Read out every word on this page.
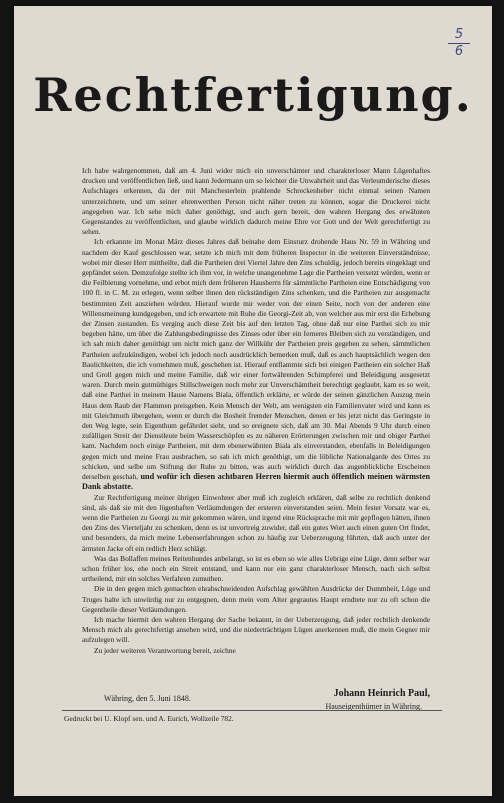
5
6
Rechtfertigung.

Ich habe wahrgenommen, daß am 4. Juni wider mich ein unverschämter und charakterloser Mann Lügenhaftes drucken und veröffentlichen ließ, und kann Jedermann um so leichter die Unwahrheit und das Verleumderische dieses Aufschlages erkennen, da der mit Manchesterlein prahlende Schreckenheber nicht einmal seinen Namen unterzeichnete, und um seiner ehrenwerthen Person nicht näher treten zu können, sogar die Druckerei nicht angegeben war. Ich sehe mich daher genöthigt, und auch gern bereit, den wahren Hergang des erwähnten Gegenstandes zu veröffentlichen, und glaube wirklich dadurch meine Ehre vor Gott und der Welt gerechtfertigt zu sehen.

Ich erkannte im Monat März dieses Jahres daß beinahe dem Einsturz drohende Haus Nr. 59 in Währing und nachdem der Kauf geschlossen war, setzte ich mich mit dem früheren Inspector in die weiteren Einverständnisse, wobei mir dieser Herr mittheilte, daß die Partheien drei Viertel Jahre den Zins schuldig, jedoch bereits eingeklagt und gepfändet seien. Demzufolge stellte ich ihm vor, in welche unangenehme Lage die Partheien versetzt würden, wenn er die Feilbietung vornehme, und erbot mich dem früheren Hausherrn für sämmtliche Partheien eine Entschädigung von 100 fl. in C. M. zu erlegen, wenn selber ihnen den rückständigen Zins schenken, und die Partheien zur ausgemacht bestimmten Zeit ausziehen würden. Hierauf wurde mir weder von der einen Seite, noch von der anderen eine Willensmeinung kundgegeben, und ich erwartete mit Ruhe die Georgi-Zeit ab, von welcher aus mir erst die Erhebung der Zinsen zustanden. Es verging auch diese Zeit bis auf den letzten Tag, ohne daß nur eine Parthei sich zu mir begeben hätte, um über die Zahlungsbedingnisse des Zinses oder über ein ferneres Bleiben sich zu verständigen, und ich sah mich daher genöthigt um nicht mich ganz der Willkühr der Partheien preis gegeben zu sehen, sämmtlichen Partheien aufzukündigen, wobei ich jedoch noch ausdrücklich bemerken muß, daß es auch hauptsächlich wegen den Baulichkeiten, die ich vornehmen muß, geschehen ist. Hierauf entflammte sich bei einigen Partheien ein solcher Haß und Groll gegen mich und meine Familie, daß wir einer fortwährenden Schimpferei und Beleidigung ausgesetzt waren. Durch mein gutmüthiges Stillschweigen noch mehr zur Unverschämtheit berechtigt geglaubt, kam es so weit, daß eine Parthei in meinem Hause Namens Biala, öffentlich erklärte, er würde der seinen gänzlichen Auszug mein Haus dem Raub der Flammen preisgeben. Kein Mensch der Welt, am wenigsten ein Familienvater wird und kann es mit Gleichmuth übergehen, wenn er durch die Bosheit fremder Menschen, denen er bis jetzt nicht das Geringste in den Weg legte, sein Eigenthum gefährdet sieht, und so ereignete sich, daß am 30. Mai Abends 9 Uhr durch einen zufälligen Streit der Dienstleute beim Wasserschöpfen es zu näheren Erörterungen zwischen mir und obiger Parthei kam. Nachdem noch einige Partheien, mit dem ebenerwähnten Biala als einverstanden, ebenfalls in Beleidigungen gegen mich und meine Frau ausbrachen, so sah ich mich genöthigt, um die löbliche Nationalgarde des Ortes zu schicken, und selbe um Stiftung der Ruhe zu bitten, was auch wirklich durch das augenblickliche Erscheinen derselben geschah, und wofür ich diesen achtbaren Herren hiermit auch öffentlich meinen wärmsten Dank abstatte.

Zur Rechtfertigung meiner übrigen Einwohner aber muß ich zugleich erklären, daß selbe zu rechtlich denkend sind, als daß sie mit den lügenhaften Verläumdungen der ersteren einverstanden seien. Mein fester Vorsatz war es, wenn die Partheien zu Georgi zu mir gekommen wären, und irgend eine Rücksprache mit mir gepflogen hätten, ihnen den Zins des Vierteljahr zu schenken, denn es ist unvortreig zuwider, daß ein gutes Wort auch einen guten Ort findet, und besonders, da mich meine Lebenserfahrungen schon zu häufig zur Ueberzeugung führten, daß auch unter der ärmsten Jacke oft ein redlich Herz schlägt.

Was das Bollaffen meines Reitenhundes anbelangt, so ist es eben so wie alles Uebrige eine Lüge, denn selber war schon früher los, ehe noch ein Streit entstand, und kann nur ein ganz charakterloser Mensch, nach sich selbst urtheilend, mir ein solches Verfahren zumuthen.

Die in den gegen mich gemachten ehrabschneidenden Aufschlag gewählten Ausdrücke der Dummheit, Lüge und Truges halte ich unwürdig nur zu entgegnen, denn mein vom Alter gegrautes Haupt erndtete nur zu oft schon die Gegentheile dieser Verläumdungen.

Ich mache hiermit den wahren Hergang der Sache bekannt, in der Ueberzeugung, daß jeder rechtlich denkende Mensch mich als gerechtfertigt ansehen wird, und die niederträchtigen Lügen anerkennen muß, die mein Gegner mir aufzulegen will.

Zu jeder weiteren Verantwortung bereit, zeichne

Währing, den 5. Juni 1848.	Johann Heinrich Paul,
Hauseigenthümer in Währing.
Gedruckt bei U. Klopf sen. und A. Eurich, Wollzeile 782.
